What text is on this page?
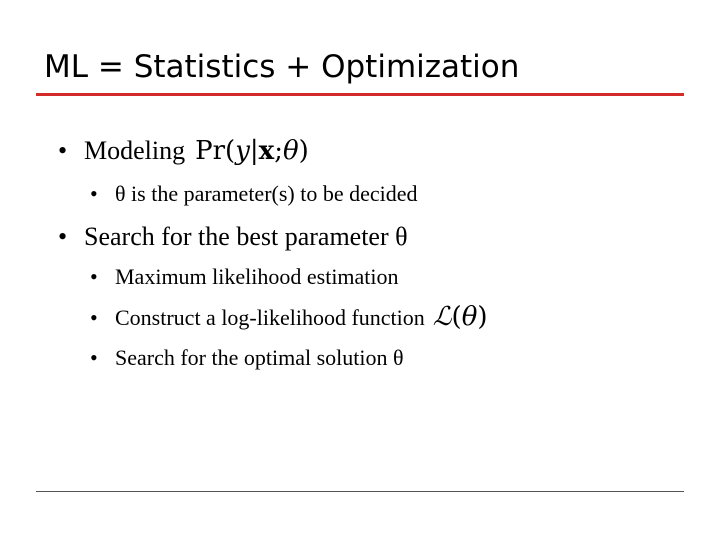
ML = Statistics + Optimization
• Modeling Pr(y|x;θ)
• θ is the parameter(s) to be decided
• Search for the best parameter θ
• Maximum likelihood estimation
• Construct a log-likelihood function ℒ(θ)
• Search for the optimal solution θ
